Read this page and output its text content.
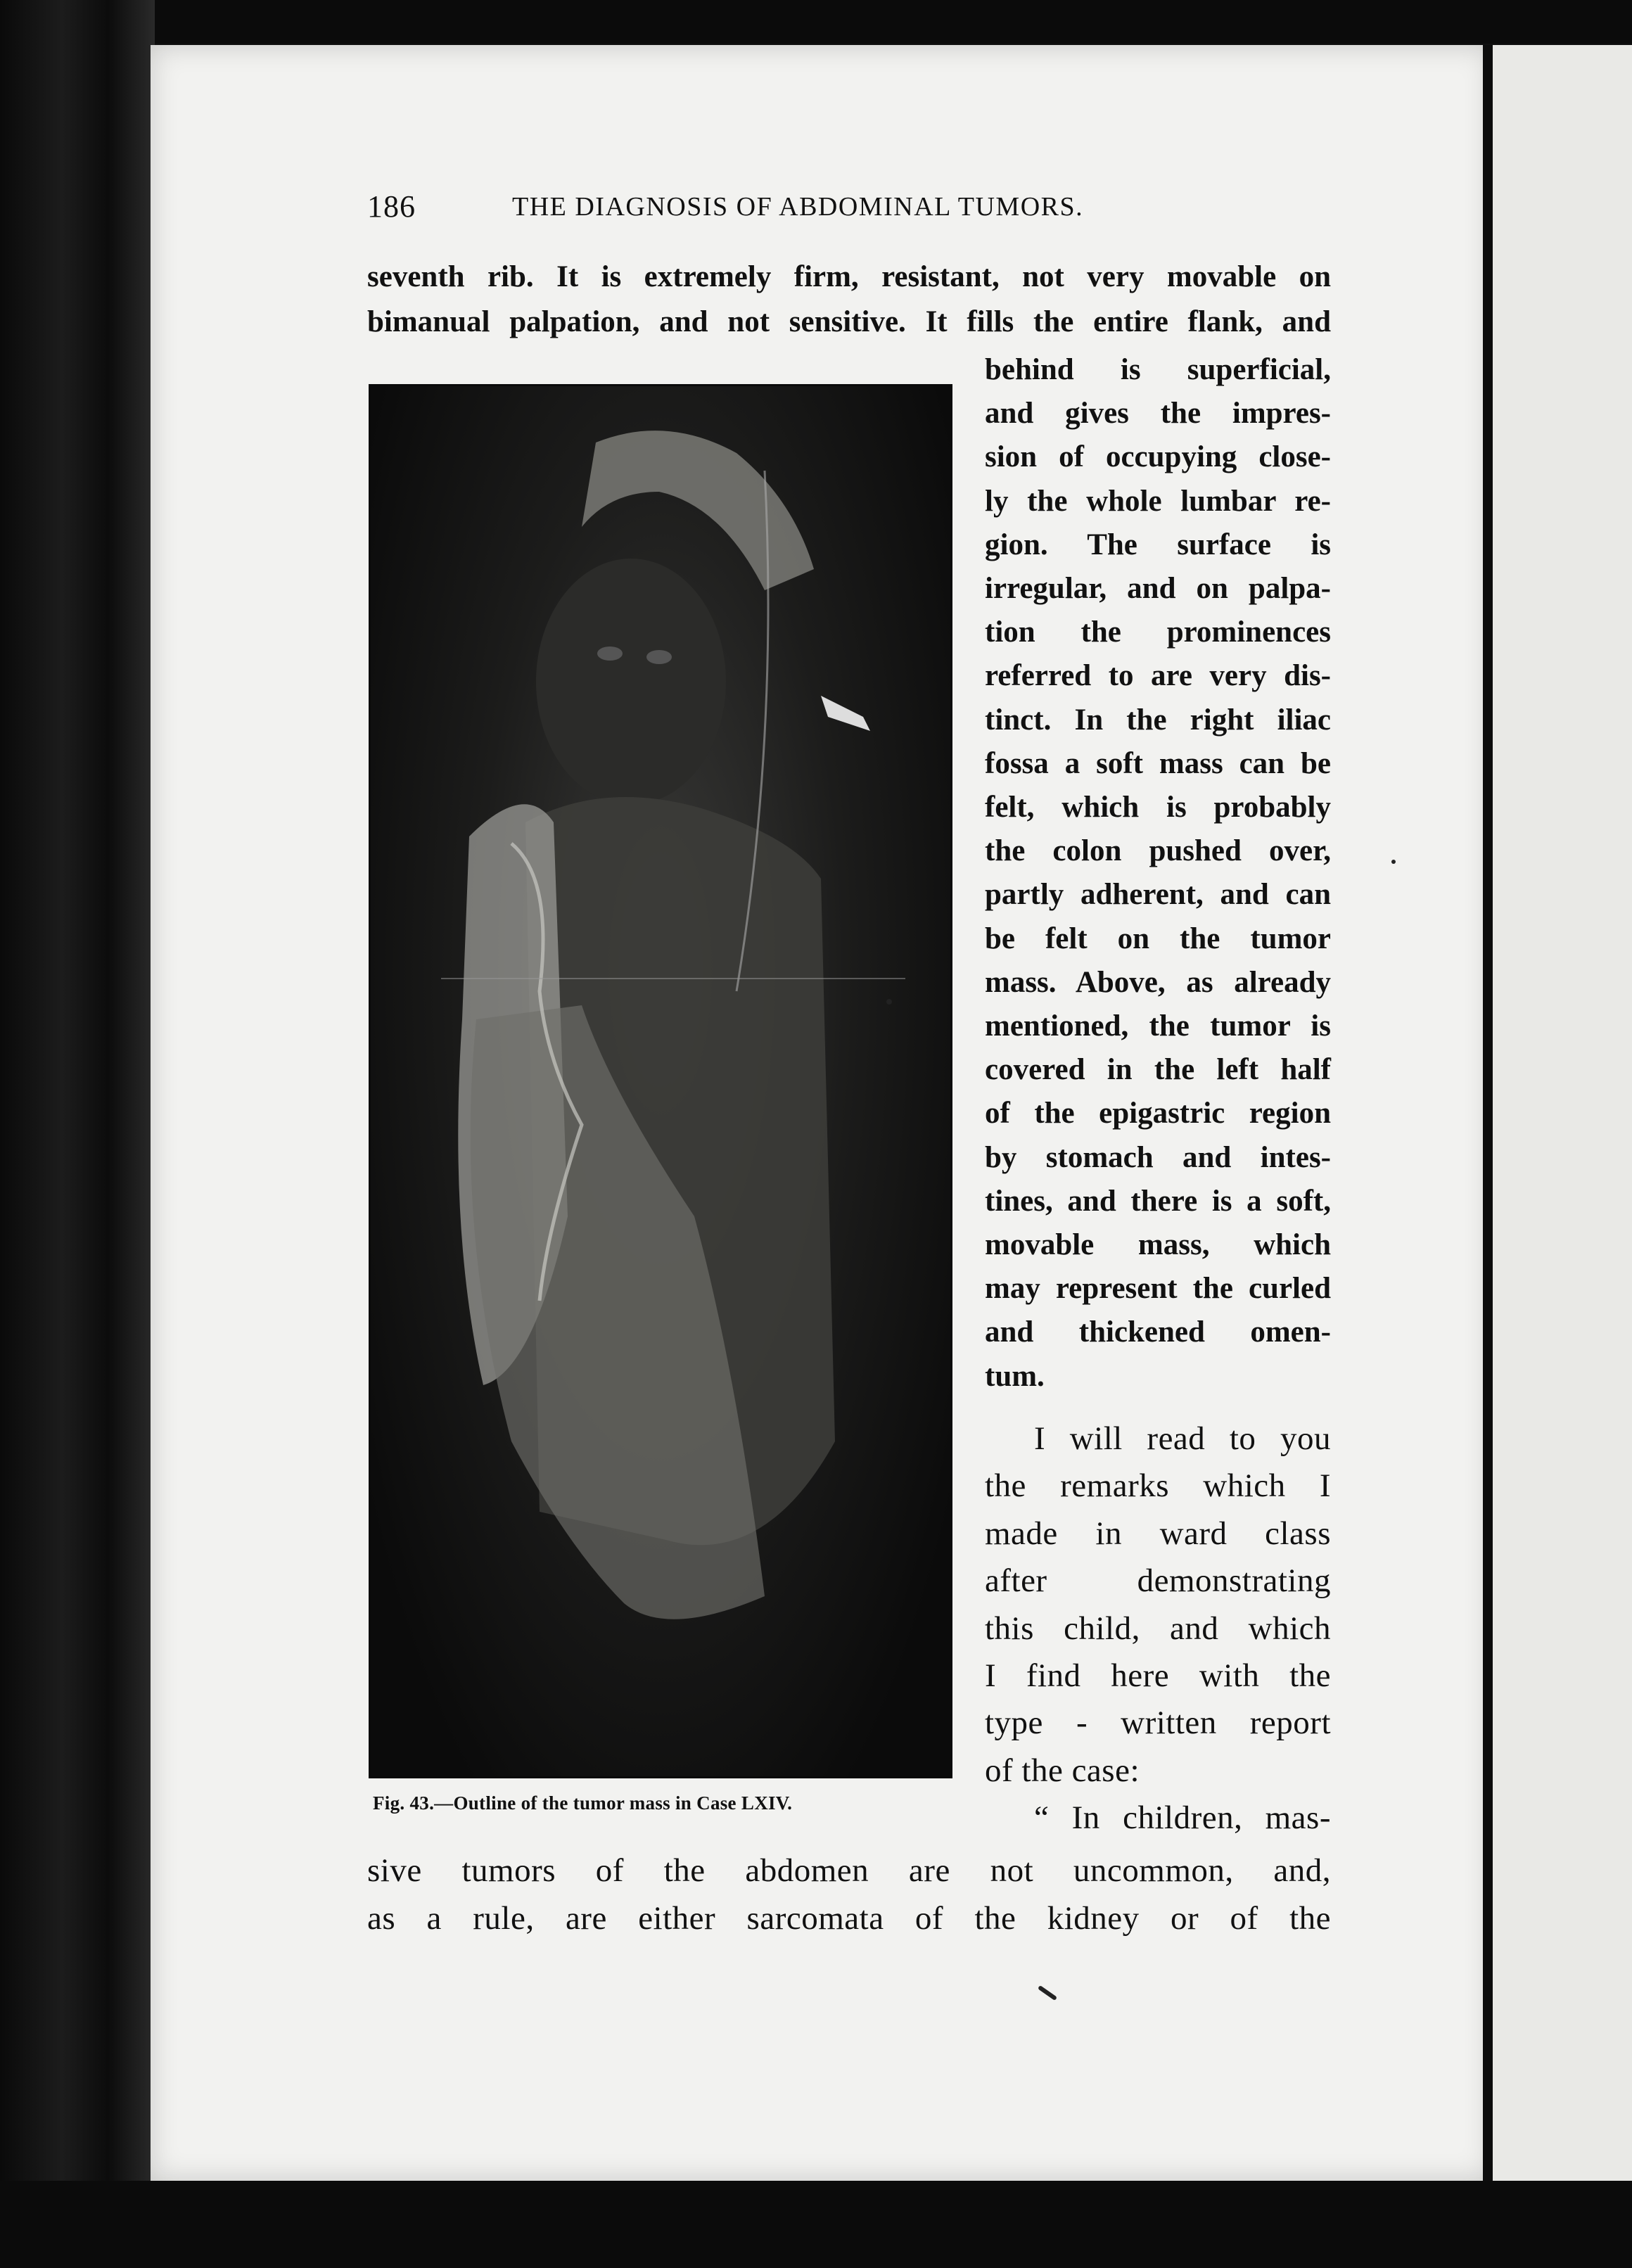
186	THE DIAGNOSIS OF ABDOMINAL TUMORS.
seventh rib. It is extremely firm, resistant, not very movable on
bimanual palpation, and not sensitive. It fills the entire flank, and
behind is superficial,
and gives the impres-
sion of occupying close-
ly the whole lumbar re-
gion. The surface is
irregular, and on palpa-
tion the prominences
referred to are very dis-
tinct. In the right iliac
fossa a soft mass can be
felt, which is probably
the colon pushed over,
partly adherent, and can
be felt on the tumor
mass. Above, as already
mentioned, the tumor is
covered in the left half
of the epigastric region
by stomach and intes-
tines, and there is a soft,
movable mass, which
may represent the curled
and thickened omen-
tum.
I will read to you
the remarks which I
made in ward class
after demonstrating
this child, and which
I find here with the
type - written report
of the case:
“ In children, mas-
Fig. 43.—Outline of the tumor mass in Case LXIV.
sive tumors of the abdomen are not uncommon, and,
as a rule, are either sarcomata of the kidney or of the
